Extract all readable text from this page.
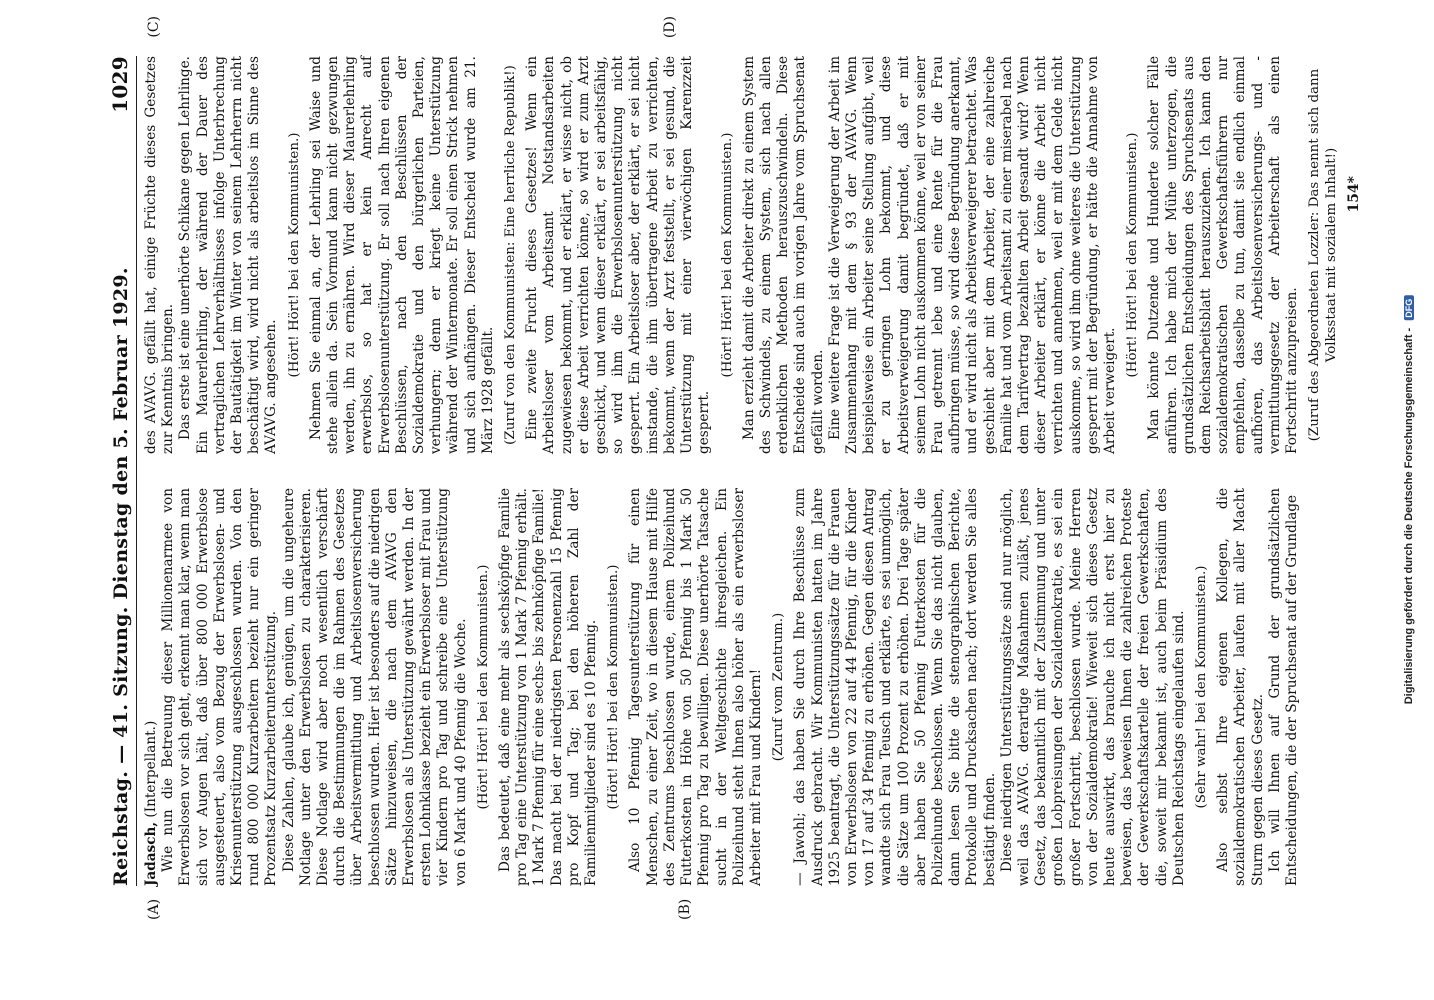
Reichstag. — 41. Sitzung. Dienstag den 5. Februar 1929.
1029
(A)	(B)
(C)	(D)

Jadasch, (Interpellant.) Wie nun die Betreuung dieser Millionenarmee von Erwerbslosen vor sich geht, erkennt man klar, wenn man sich vor Augen hält, daß über 800 000 Erwerbslose ausgesteuert, also vom Bezug der Erwerbslosen- und Krisenunterstützung ausgeschlossen wurden. Von den rund 800 000 Kurzarbeitern bezieht nur ein geringer Prozentsatz Kurzarbeiterunterstützung. Diese Zahlen, glaube ich, genügen, um die ungeheure Notlage unter den Erwerbslosen zu charakterisieren. Diese Notlage wird aber noch wesentlich verschärft durch die Bestimmungen die im Rahmen des Gesetzes über Arbeitsvermittlung und Arbeitslosenversicherung beschlossen wurden. Hier ist besonders auf die niedrigen Sätze hinzuweisen, die nach dem AVAVG den Erwerbslosen als Unterstützung gewährt werden. In der ersten Lohnklasse bezieht ein Erwerbsloser mit Frau und vier Kindern pro Tag und schreibe eine Unterstützung von 6 Mark und 40 Pfennig die Woche. (Hört! Hört! bei den Kommunisten.) Das bedeutet, daß eine mehr als sechsköpfige Familie pro Tag eine Unterstützung von 1 Mark 7 Pfennig erhält. 1 Mark 7 Pfennig für eine sechs- bis zehnköpfige Familie! Das macht bei der niedrigsten Personenzahl 15 Pfennig pro Kopf und Tag; bei den höheren Zahl der Familienmitglieder sind es 10 Pfennig. (Hört! Hört! bei den Kommunisten.) Also 10 Pfennig Tagesunterstützung für einen Menschen, zu einer Zeit, wo in diesem Hause mit Hilfe des Zentrums beschlossen wurde, einem Polizeihund Futterkosten in Höhe von 50 Pfennig bis 1 Mark 50 Pfennig pro Tag zu bewilligen. Diese unerhörte Tatsache sucht in der Weltgeschichte ihresgleichen. Ein Polizeihund steht Ihnen also höher als ein erwerbsloser Arbeiter mit Frau und Kindern! (Zuruf vom Zentrum.) — Jawohl; das haben Sie durch Ihre Beschlüsse zum Ausdruck gebracht. Wir Kommunisten hatten im Jahre 1925 beantragt, die Unterstützungssätze für die Frauen von Erwerbslosen von 22 auf 44 Pfennig, für die Kinder von 17 auf 34 Pfennig zu erhöhen. Gegen diesen Antrag wandte sich Frau Teusch und erklärte, es sei unmöglich, die Sätze um 100 Prozent zu erhöhen. Drei Tage später aber haben Sie 50 Pfennig Futterkosten für die Polizeihunde beschlossen. Wenn Sie das nicht glauben, dann lesen Sie bitte die stenographischen Berichte, Protokolle und Drucksachen nach; dort werden Sie alles bestätigt finden. Diese niedrigen Unterstützungssätze sind nur möglich, weil das AVAVG. derartige Maßnahmen zuläßt, jenes Gesetz, das bekanntlich mit der Zustimmung und unter großen Lobpreisungen der Sozialdemokratie, es sei ein großer Fortschritt, beschlossen wurde. Meine Herren von der Sozialdemokratie! Wieweit sich dieses Gesetz heute auswirkt, das brauche ich nicht erst hier zu beweisen, das beweisen Ihnen die zahlreichen Proteste der Gewerkschaftskartelle der freien Gewerkschaften, die, soweit mir bekannt ist, auch beim Präsidium des Deutschen Reichstags eingelaufen sind. (Sehr wahr! bei den Kommunisten.) Also selbst Ihre eigenen Kollegen, die sozialdemokratischen Arbeiter, laufen mit aller Macht Sturm gegen dieses Gesetz. Ich will Ihnen auf Grund der grundsätzlichen Entscheidungen, die der Spruchsenat auf der Grundlage

des AVAVG. gefällt hat, einige Früchte dieses Gesetzes zur Kenntnis bringen. Das erste ist eine unerhörte Schikane gegen Lehrlinge. Ein Maurerlehrling, der während der Dauer des vertraglichen Lehrverhältnisses infolge Unterbrechung der Bautätigkeit im Winter von seinem Lehrherrn nicht beschäftigt wird, wird nicht als arbeitslos im Sinne des AVAVG. angesehen.

(Hört! Hört! bei den Kommunisten.) Nehmen Sie einmal an, der Lehrling sei Waise und stehe allein da. Sein Vormund kann nicht gezwungen werden, ihn zu ernähren. Wird dieser Maurerlehrling erwerbslos, so hat er kein Anrecht auf Erwerbslosenunterstützung. Er soll nach Ihren eigenen Beschlüssen, nach den Beschlüssen der Sozialdemokratie und den bürgerlichen Parteien, verhungern; denn er kriegt keine Unterstützung während der Wintermonate. Er soll einen Strick nehmen und sich aufhängen. Dieser Entscheid wurde am 21. März 1928 gefällt. (Zuruf von den Kommunisten: Eine herrliche Republik!) Eine zweite Frucht dieses Gesetzes! Wenn ein Arbeitsloser vom Arbeitsamt Notstandsarbeiten zugewiesen bekommt, und er erklärt, er wisse nicht, ob er diese Arbeit verrichten könne, so wird er zum Arzt geschickt, und wenn dieser erklärt, er sei arbeitsfähig, so wird ihm die Erwerbslosenunterstützung nicht gesperrt. Ein Arbeitsloser aber, der erklärt, er sei nicht imstande, die ihm übertragene Arbeit zu verrichten, bekommt, wenn der Arzt feststellt, er sei gesund, die Unterstützung mit einer vierwöchigen Karenzzeit gesperrt.

(Hört! Hört! bei den Kommunisten.) Man erzieht damit die Arbeiter direkt zu einem System des Schwindels, zu einem System, sich nach allen erdenklichen Methoden herauszuschwindeln. Diese Entscheide sind auch im vorigen Jahre vom Spruchsenat gefällt worden. Eine weitere Frage ist die Verweigerung der Arbeit im Zusammenhang mit dem § 93 der AVAVG. Wenn beispielsweise ein Arbeiter seine Stellung aufgibt, weil er zu geringen Lohn bekommt, und diese Arbeitsverweigerung damit begründet, daß er mit seinem Lohn nicht auskommen könne, weil er von seiner Frau getrennt lebe und eine Rente für die Frau aufbringen müsse, so wird diese Begründung anerkannt, und er wird nicht als Arbeitsverweigerer betrachtet. Was geschieht aber mit dem Arbeiter, der eine zahlreiche Familie hat und vom Arbeitsamt zu einer miserabel nach dem Tarifvertrag bezahlten Arbeit gesandt wird? Wenn dieser Arbeiter erklärt, er könne die Arbeit nicht verrichten und annehmen, weil er mit dem Gelde nicht auskomme, so wird ihm ohne weiteres die Unterstützung gesperrt mit der Begründung, er hätte die Annahme von Arbeit verweigert.

(Hört! Hört! bei den Kommunisten.) Man könnte Dutzende und Hunderte solcher Fälle anführen. Ich habe mich der Mühe unterzogen, die grundsätzlichen Entscheidungen des Spruchsenats aus dem Reichsarbeitsblatt herauszuziehen. Ich kann den sozialdemokratischen Gewerkschaftsführern nur empfehlen, dasselbe zu tun, damit sie endlich einmal aufhören, das Arbeitslosenversicherungs- und -vermittlungsgesetz der Arbeiterschaft als einen Fortschritt anzupreisen. (Zuruf des Abgeordneten Lozzler: Das nennt sich dann Volksstaat mit sozialem Inhalt!) 154*
Digitalisierung gefördert durch die Deutsche Forschungsgemeinschaft - DFG
